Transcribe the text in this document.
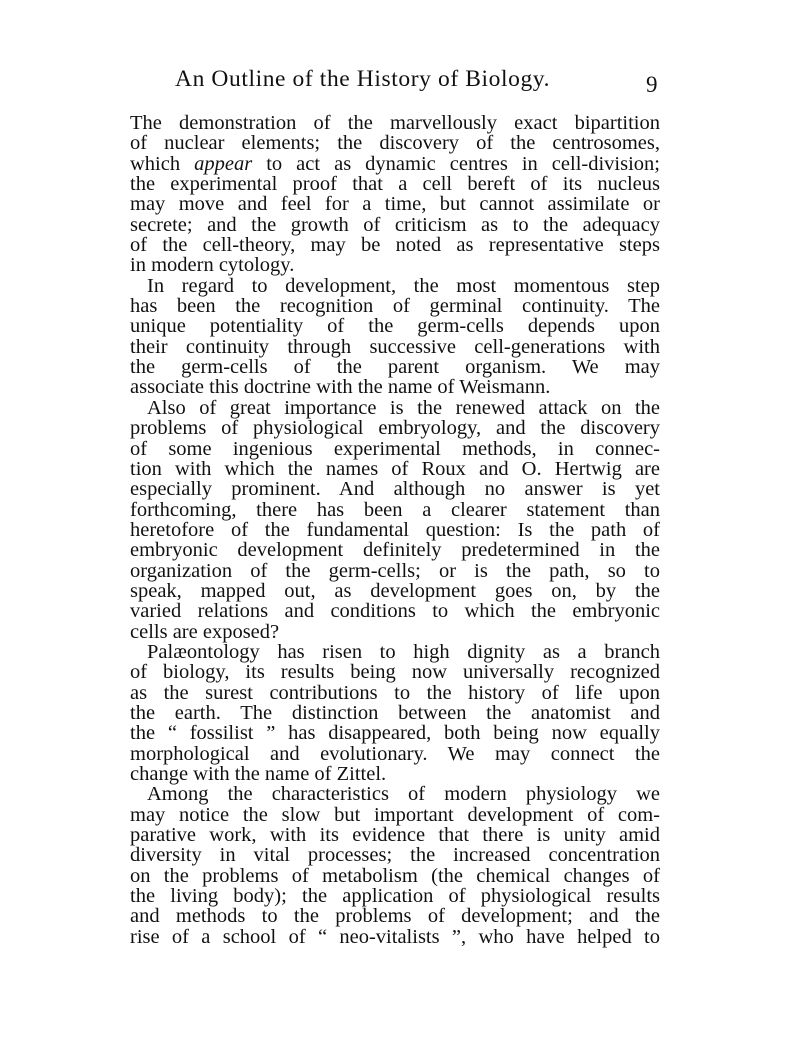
An Outline of the History of Biology.	9
The demonstration of the marvellously exact bipartition
of nuclear elements; the discovery of the centrosomes,
which appear to act as dynamic centres in cell-division;
the experimental proof that a cell bereft of its nucleus
may move and feel for a time, but cannot assimilate or
secrete; and the growth of criticism as to the adequacy
of the cell-theory, may be noted as representative steps
in modern cytology.
In regard to development, the most momentous step
has been the recognition of germinal continuity. The
unique potentiality of the germ-cells depends upon
their continuity through successive cell-generations with
the germ-cells of the parent organism. We may
associate this doctrine with the name of Weismann.
Also of great importance is the renewed attack on the
problems of physiological embryology, and the discovery
of some ingenious experimental methods, in connec-
tion with which the names of Roux and O. Hertwig are
especially prominent. And although no answer is yet
forthcoming, there has been a clearer statement than
heretofore of the fundamental question: Is the path of
embryonic development definitely predetermined in the
organization of the germ-cells; or is the path, so to
speak, mapped out, as development goes on, by the
varied relations and conditions to which the embryonic
cells are exposed?
Palæontology has risen to high dignity as a branch
of biology, its results being now universally recognized
as the surest contributions to the history of life upon
the earth. The distinction between the anatomist and
the “ fossilist ” has disappeared, both being now equally
morphological and evolutionary. We may connect the
change with the name of Zittel.
Among the characteristics of modern physiology we
may notice the slow but important development of com-
parative work, with its evidence that there is unity amid
diversity in vital processes; the increased concentration
on the problems of metabolism (the chemical changes of
the living body); the application of physiological results
and methods to the problems of development; and the
rise of a school of “ neo-vitalists ”, who have helped to
